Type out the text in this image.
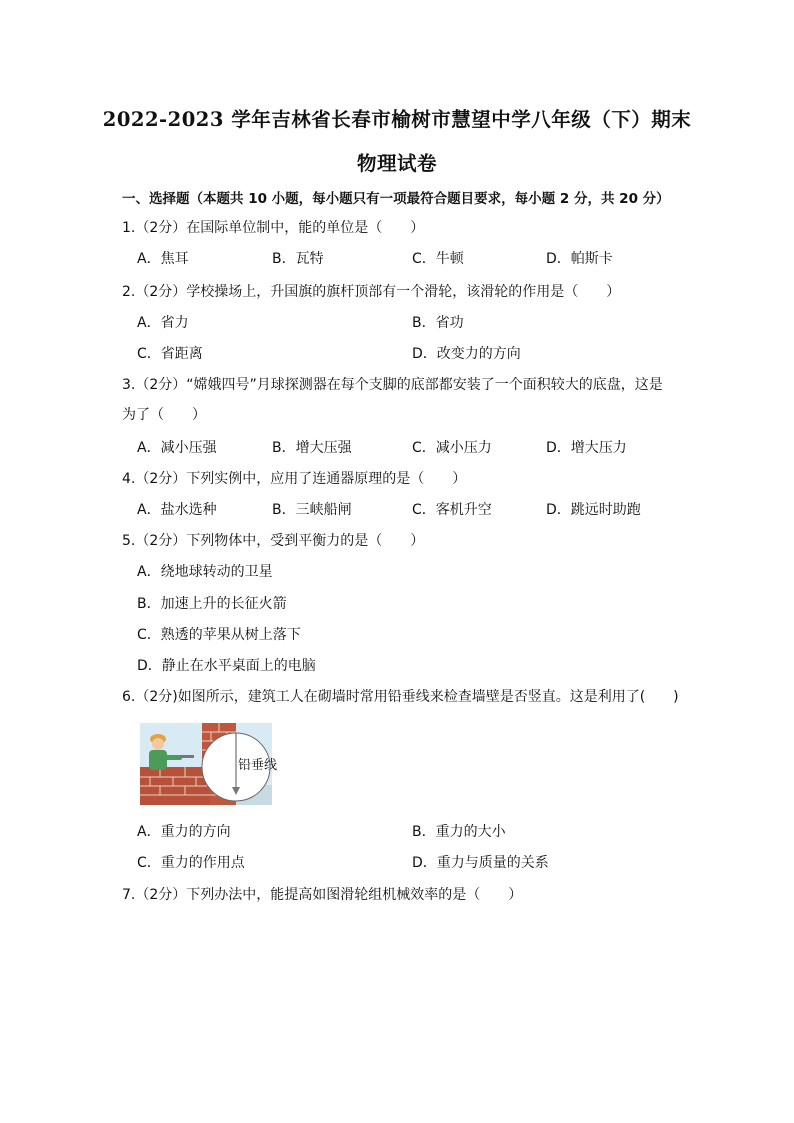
2022-2023 学年吉林省长春市榆树市慧望中学八年级（下）期末
物理试卷
一、选择题（本题共 10 小题，每小题只有一项最符合题目要求，每小题 2 分，共 20 分）
1.（2分）在国际单位制中，能的单位是（　　）
A．焦耳	B．瓦特	C．牛顿	D．帕斯卡
2.（2分）学校操场上，升国旗的旗杆顶部有一个滑轮，该滑轮的作用是（　　）
A．省力	B．省功
C．省距离	D．改变力的方向
3.（2分）“嫦娥四号”月球探测器在每个支脚的底部都安装了一个面积较大的底盘，这是
为了（　　）
A．减小压强	B．增大压强	C．减小压力	D．增大压力
4.（2分）下列实例中，应用了连通器原理的是（　　）
A．盐水选种	B．三峡船闸	C．客机升空	D．跳远时助跑
5.（2分）下列物体中，受到平衡力的是（　　）
A．绕地球转动的卫星
B．加速上升的长征火箭
C．熟透的苹果从树上落下
D．静止在水平桌面上的电脑
6.（2分)如图所示，建筑工人在砌墙时常用铅垂线来检查墙壁是否竖直。这是利用了(　　)
铅垂线
A．重力的方向	B．重力的大小
C．重力的作用点	D．重力与质量的关系
7.（2分）下列办法中，能提高如图滑轮组机械效率的是（　　）
